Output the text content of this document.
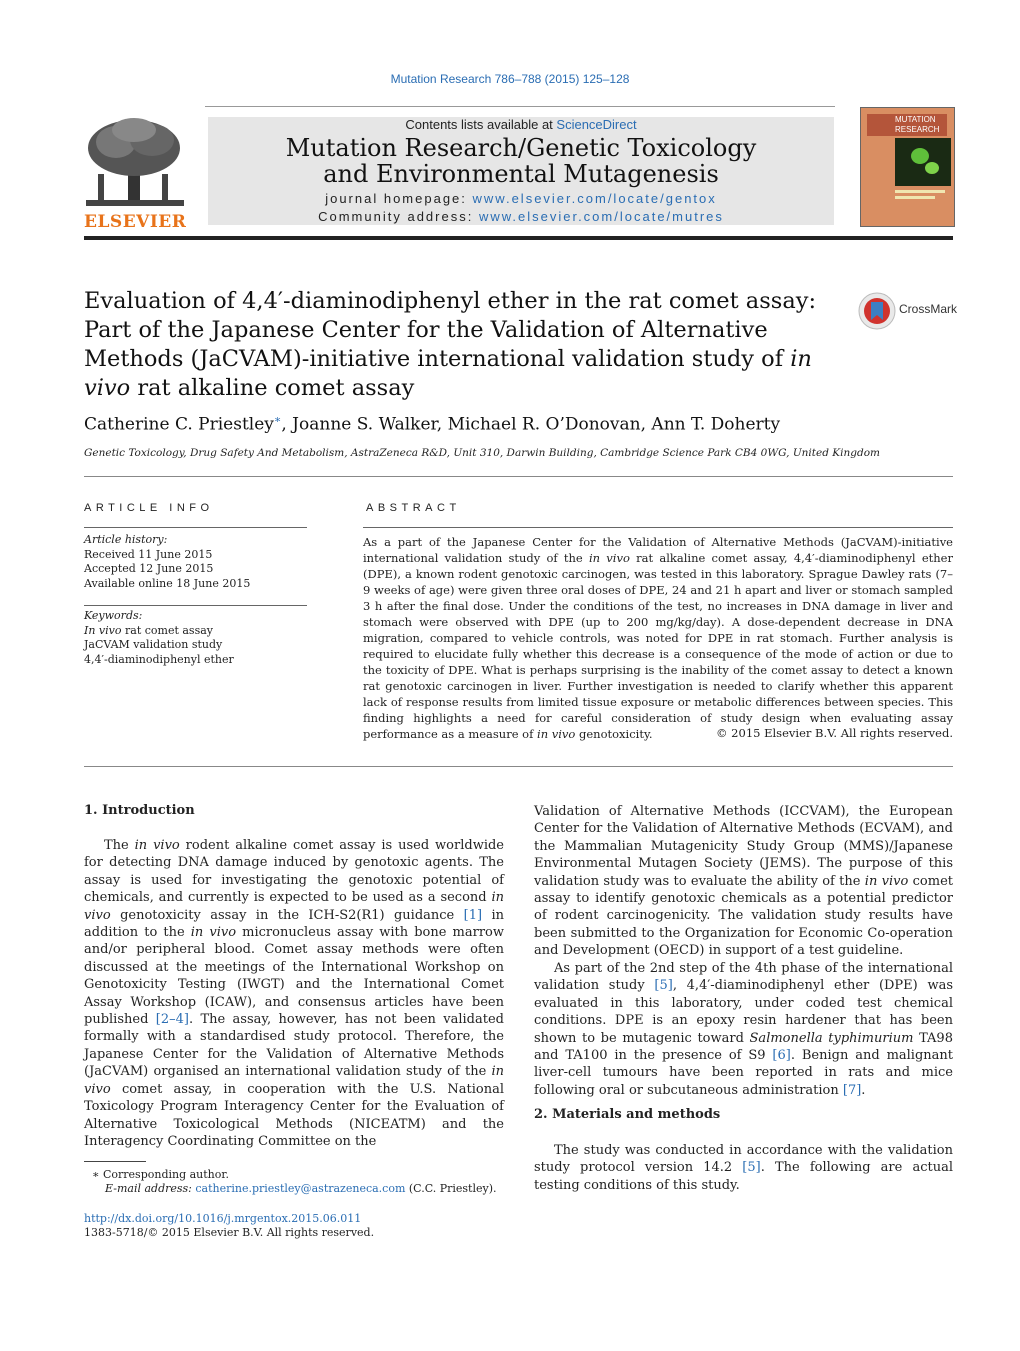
Mutation Research 786–788 (2015) 125–128
ELSEVIER
Contents lists available at ScienceDirect
Mutation Research/Genetic Toxicology and Environmental Mutagenesis
journal homepage: www.elsevier.com/locate/gentox
Community address: www.elsevier.com/locate/mutres
MUTATION
RESEARCH
Evaluation of 4,4′-diaminodiphenyl ether in the rat comet assay: Part of the Japanese Center for the Validation of Alternative Methods (JaCVAM)-initiative international validation study of in vivo rat alkaline comet assay
CrossMark
Catherine C. Priestley∗, Joanne S. Walker, Michael R. O’Donovan, Ann T. Doherty
Genetic Toxicology, Drug Safety And Metabolism, AstraZeneca R&D, Unit 310, Darwin Building, Cambridge Science Park CB4 0WG, United Kingdom
ARTICLE INFO
Article history:
Received 11 June 2015
Accepted 12 June 2015
Available online 18 June 2015
Keywords:
In vivo rat comet assay
JaCVAM validation study
4,4′-diaminodiphenyl ether
ABSTRACT

As a part of the Japanese Center for the Validation of Alternative Methods (JaCVAM)-initiative international validation study of the in vivo rat alkaline comet assay, 4,4′-diaminodiphenyl ether (DPE), a known rodent genotoxic carcinogen, was tested in this laboratory. Sprague Dawley rats (7–9 weeks of age) were given three oral doses of DPE, 24 and 21 h apart and liver or stomach sampled 3 h after the final dose. Under the conditions of the test, no increases in DNA damage in liver and stomach were observed with DPE (up to 200 mg/kg/day). A dose-dependent decrease in DNA migration, compared to vehicle controls, was noted for DPE in rat stomach. Further analysis is required to elucidate fully whether this decrease is a consequence of the mode of action or due to the toxicity of DPE. What is perhaps surprising is the inability of the comet assay to detect a known rat genotoxic carcinogen in liver. Further investigation is needed to clarify whether this apparent lack of response results from limited tissue exposure or metabolic differences between species. This finding highlights a need for careful consideration of study design when evaluating assay performance as a measure of in vivo genotoxicity.	© 2015 Elsevier B.V. All rights reserved.
1. Introduction

The in vivo rodent alkaline comet assay is used worldwide for detecting DNA damage induced by genotoxic agents. The assay is used for investigating the genotoxic potential of chemicals, and currently is expected to be used as a second in vivo genotoxicity assay in the ICH-S2(R1) guidance [1] in addition to the in vivo micronucleus assay with bone marrow and/or peripheral blood. Comet assay methods were often discussed at the meetings of the International Workshop on Genotoxicity Testing (IWGT) and the International Comet Assay Workshop (ICAW), and consensus articles have been published [2–4]. The assay, however, has not been validated formally with a standardised study protocol. Therefore, the Japanese Center for the Validation of Alternative Methods (JaCVAM) organised an international validation study of the in vivo comet assay, in cooperation with the U.S. National Toxicology Program Interagency Center for the Evaluation of Alternative Toxicological Methods (NICEATM) and the Interagency Coordinating Committee on the

Validation of Alternative Methods (ICCVAM), the European Center for the Validation of Alternative Methods (ECVAM), and the Mammalian Mutagenicity Study Group (MMS)/Japanese Environmental Mutagen Society (JEMS). The purpose of this validation study was to evaluate the ability of the in vivo comet assay to identify genotoxic chemicals as a potential predictor of rodent carcinogenicity. The validation study results have been submitted to the Organization for Economic Co-operation and Development (OECD) in support of a test guideline.

As part of the 2nd step of the 4th phase of the international validation study [5], 4,4′-diaminodiphenyl ether (DPE) was evaluated in this laboratory, under coded test chemical conditions. DPE is an epoxy resin hardener that has been shown to be mutagenic toward Salmonella typhimurium TA98 and TA100 in the presence of S9 [6]. Benign and malignant liver-cell tumours have been reported in rats and mice following oral or subcutaneous administration [7].

2. Materials and methods

The study was conducted in accordance with the validation study protocol version 14.2 [5]. The following are actual testing conditions of this study.

∗ Corresponding author.
E-mail address: catherine.priestley@astrazeneca.com (C.C. Priestley).
http://dx.doi.org/10.1016/j.mrgentox.2015.06.011
1383-5718/© 2015 Elsevier B.V. All rights reserved.
